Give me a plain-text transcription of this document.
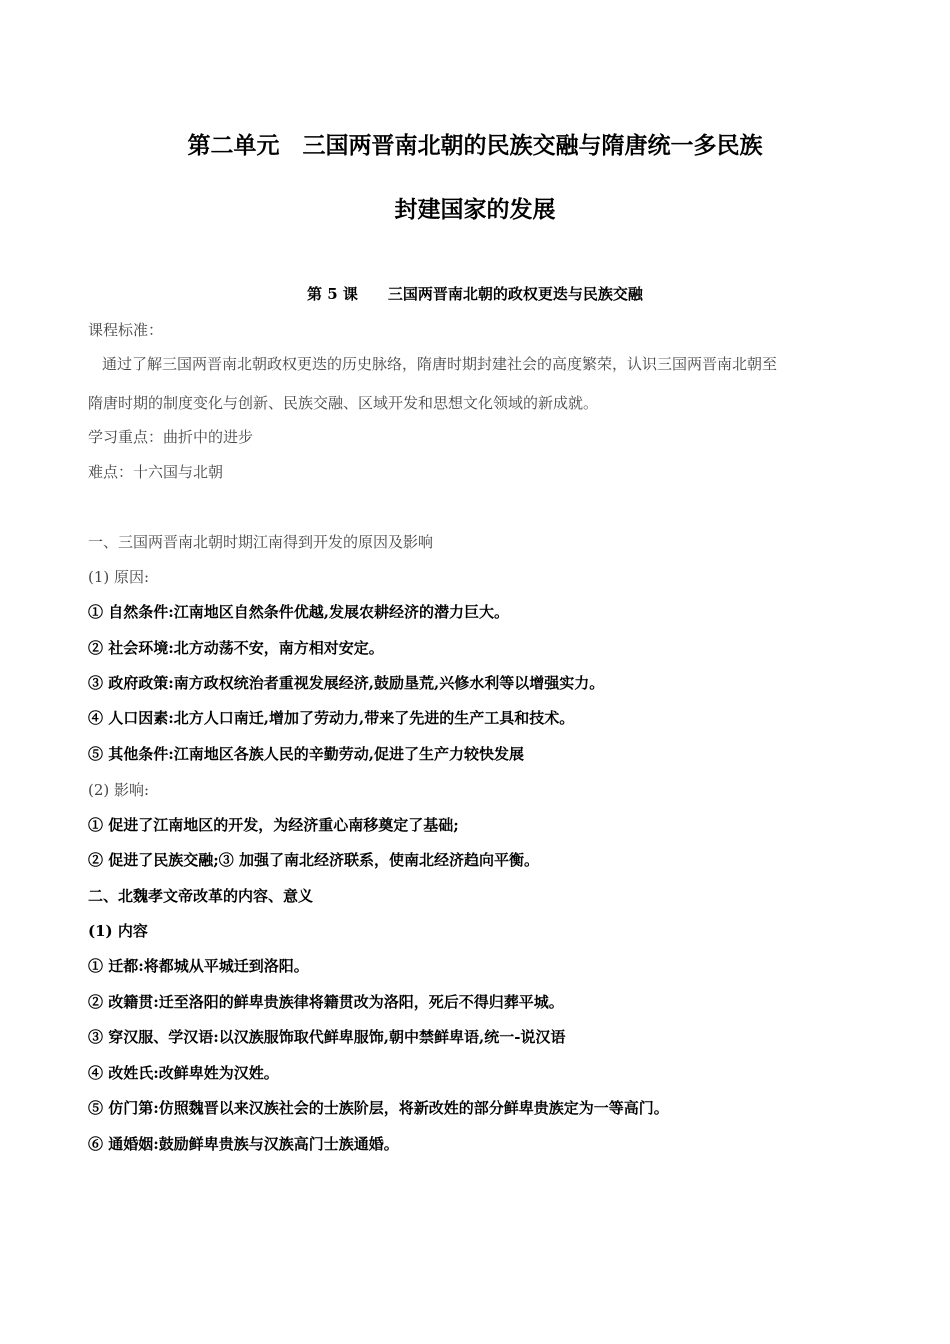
第二单元　三国两晋南北朝的民族交融与隋唐统一多民族
封建国家的发展
第 5 课　　三国两晋南北朝的政权更迭与民族交融
课程标准：
通过了解三国两晋南北朝政权更迭的历史脉络，隋唐时期封建社会的高度繁荣，认识三国两晋南北朝至
隋唐时期的制度变化与创新、民族交融、区域开发和思想文化领域的新成就。
学习重点：曲折中的进步
难点：十六国与北朝
一、三国两晋南北朝时期江南得到开发的原因及影响
(1) 原因:
① 自然条件:江南地区自然条件优越,发展农耕经济的潜力巨大。
② 社会环境:北方动荡不安，南方相对安定。
③ 政府政策:南方政权统治者重视发展经济,鼓励垦荒,兴修水利等以增强实力。
④ 人口因素:北方人口南迁,增加了劳动力,带来了先进的生产工具和技术。
⑤ 其他条件:江南地区各族人民的辛勤劳动,促进了生产力较快发展
(2) 影响:
① 促进了江南地区的开发，为经济重心南移奠定了基础;
② 促进了民族交融;③ 加强了南北经济联系，使南北经济趋向平衡。
二、北魏孝文帝改革的内容、意义
(1) 内容
① 迁都:将都城从平城迁到洛阳。
② 改籍贯:迁至洛阳的鲜卑贵族律将籍贯改为洛阳，死后不得归葬平城。
③ 穿汉服、学汉语:以汉族服饰取代鲜卑服饰,朝中禁鲜卑语,统一-说汉语
④ 改姓氏:改鲜卑姓为汉姓。
⑤ 仿门第:仿照魏晋以来汉族社会的士族阶层，将新改姓的部分鲜卑贵族定为一等高门。
⑥ 通婚姻:鼓励鲜卑贵族与汉族高门士族通婚。
